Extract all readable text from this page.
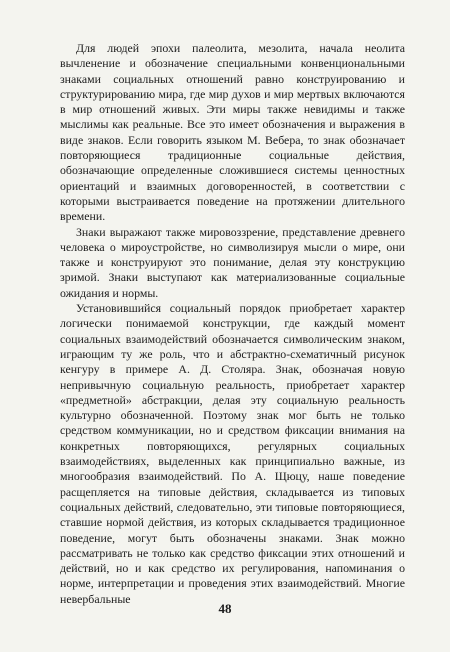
Для людей эпохи палеолита, мезолита, начала неолита вычленение и обозначение специальными конвенциональными знаками социальных отношений равно конструированию и структурированию мира, где мир духов и мир мертвых включаются в мир отношений живых. Эти миры также невидимы и также мыслимы как реальные. Все это имеет обозначения и выражения в виде знаков. Если говорить языком М. Вебера, то знак обозначает повторяющиеся традиционные социальные действия, обозначающие определенные сложившиеся системы ценностных ориентаций и взаимных договоренностей, в соответствии с которыми выстраивается поведение на протяжении длительного времени.

Знаки выражают также мировоззрение, представление древнего человека о мироустройстве, но символизируя мысли о мире, они также и конструируют это понимание, делая эту конструкцию зримой. Знаки выступают как материализованные социальные ожидания и нормы.

Установившийся социальный порядок приобретает характер логически понимаемой конструкции, где каждый момент социальных взаимодействий обозначается символическим знаком, играющим ту же роль, что и абстрактно-схематичный рисунок кенгуру в примере А. Д. Столяра. Знак, обозначая новую непривычную социальную реальность, приобретает характер «предметной» абстракции, делая эту социальную реальность культурно обозначенной. Поэтому знак мог быть не только средством коммуникации, но и средством фиксации внимания на конкретных повторяющихся, регулярных социальных взаимодействиях, выделенных как принципиально важные, из многообразия взаимодействий. По А. Щюцу, наше поведение расщепляется на типовые действия, складывается из типовых социальных действий, следовательно, эти типовые повторяющиеся, ставшие нормой действия, из которых складывается традиционное поведение, могут быть обозначены знаками. Знак можно рассматривать не только как средство фиксации этих отношений и действий, но и как средство их регулирования, напоминания о норме, интерпретации и проведения этих взаимодействий. Многие невербальные

48
